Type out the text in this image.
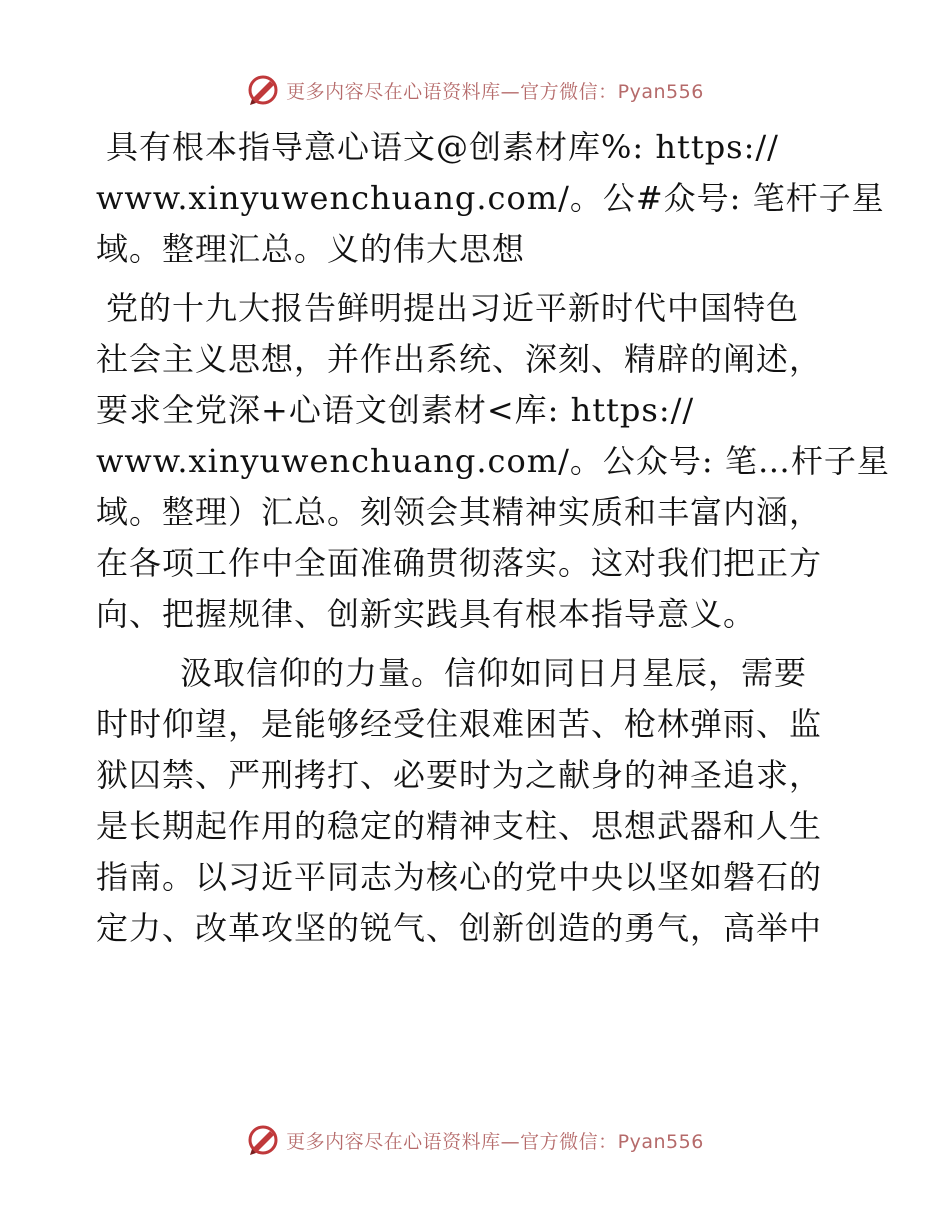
更多内容尽在心语资料库—官方微信：Pyan556

具有根本指导意心语文@创素材库%: https://
www.xinyuwenchuang.com/。公#众号: 笔杆子星
域。整理汇总。义的伟大思想

党的十九大报告鲜明提出习近平新时代中国特色
社会主义思想，并作出系统、深刻、精辟的阐述，
要求全党深+心语文创素材<库: https://
www.xinyuwenchuang.com/。公众号: 笔…杆子星
域。整理）汇总。刻领会其精神实质和丰富内涵，
在各项工作中全面准确贯彻落实。这对我们把正方
向、把握规律、创新实践具有根本指导意义。

汲取信仰的力量。信仰如同日月星辰，需要
时时仰望，是能够经受住艰难困苦、枪林弹雨、监
狱囚禁、严刑拷打、必要时为之献身的神圣追求，
是长期起作用的稳定的精神支柱、思想武器和人生
指南。以习近平同志为核心的党中央以坚如磐石的
定力、改革攻坚的锐气、创新创造的勇气，高举中

更多内容尽在心语资料库—官方微信：Pyan556
